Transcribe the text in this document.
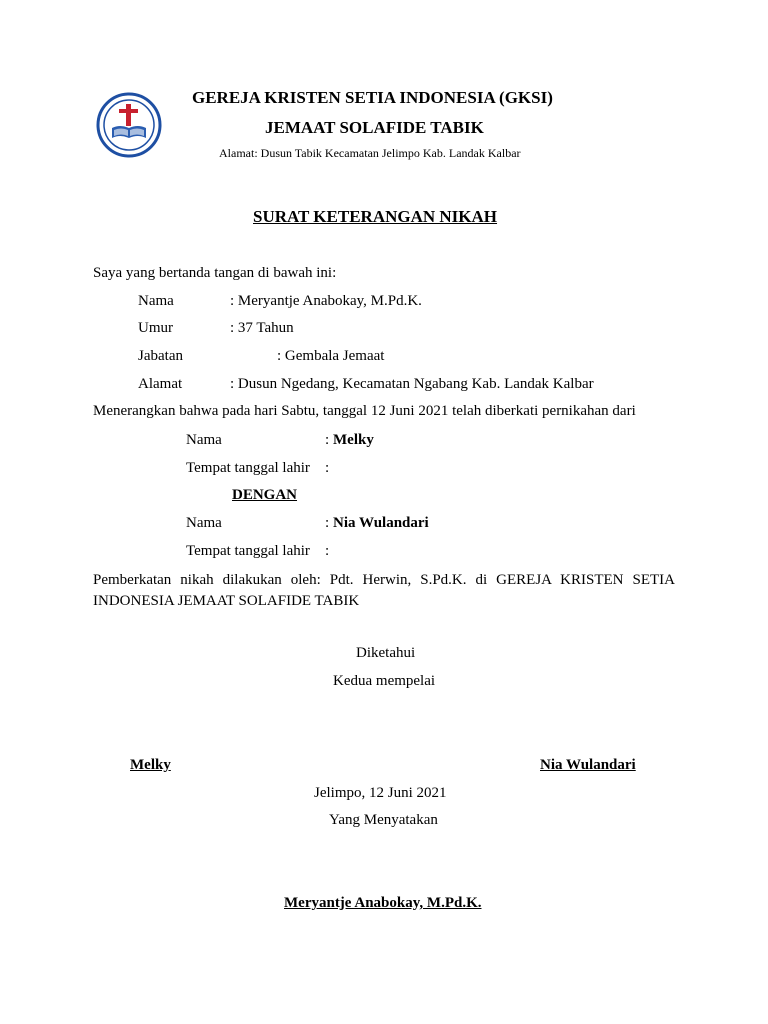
GEREJA KRISTEN SETIA INDONESIA (GKSI)
JEMAAT SOLAFIDE TABIK
Alamat: Dusun Tabik Kecamatan Jelimpo Kab. Landak Kalbar
SURAT KETERANGAN NIKAH
Saya yang bertanda tangan di bawah ini:
Nama	: Meryantje Anabokay, M.Pd.K.
Umur	: 37 Tahun
Jabatan	: Gembala Jemaat
Alamat	: Dusun Ngedang, Kecamatan Ngabang Kab. Landak Kalbar
Menerangkan bahwa pada hari Sabtu, tanggal 12 Juni 2021 telah diberkati pernikahan dari
Nama	: Melky
Tempat tanggal lahir :
DENGAN
Nama	: Nia Wulandari
Tempat tanggal lahir :
Pemberkatan nikah dilakukan oleh: Pdt. Herwin, S.Pd.K. di GEREJA KRISTEN SETIA INDONESIA JEMAAT SOLAFIDE TABIK
Diketahui
Kedua mempelai
Melky	Nia Wulandari
Jelimpo, 12 Juni 2021
Yang Menyatakan
Meryantje Anabokay, M.Pd.K.
